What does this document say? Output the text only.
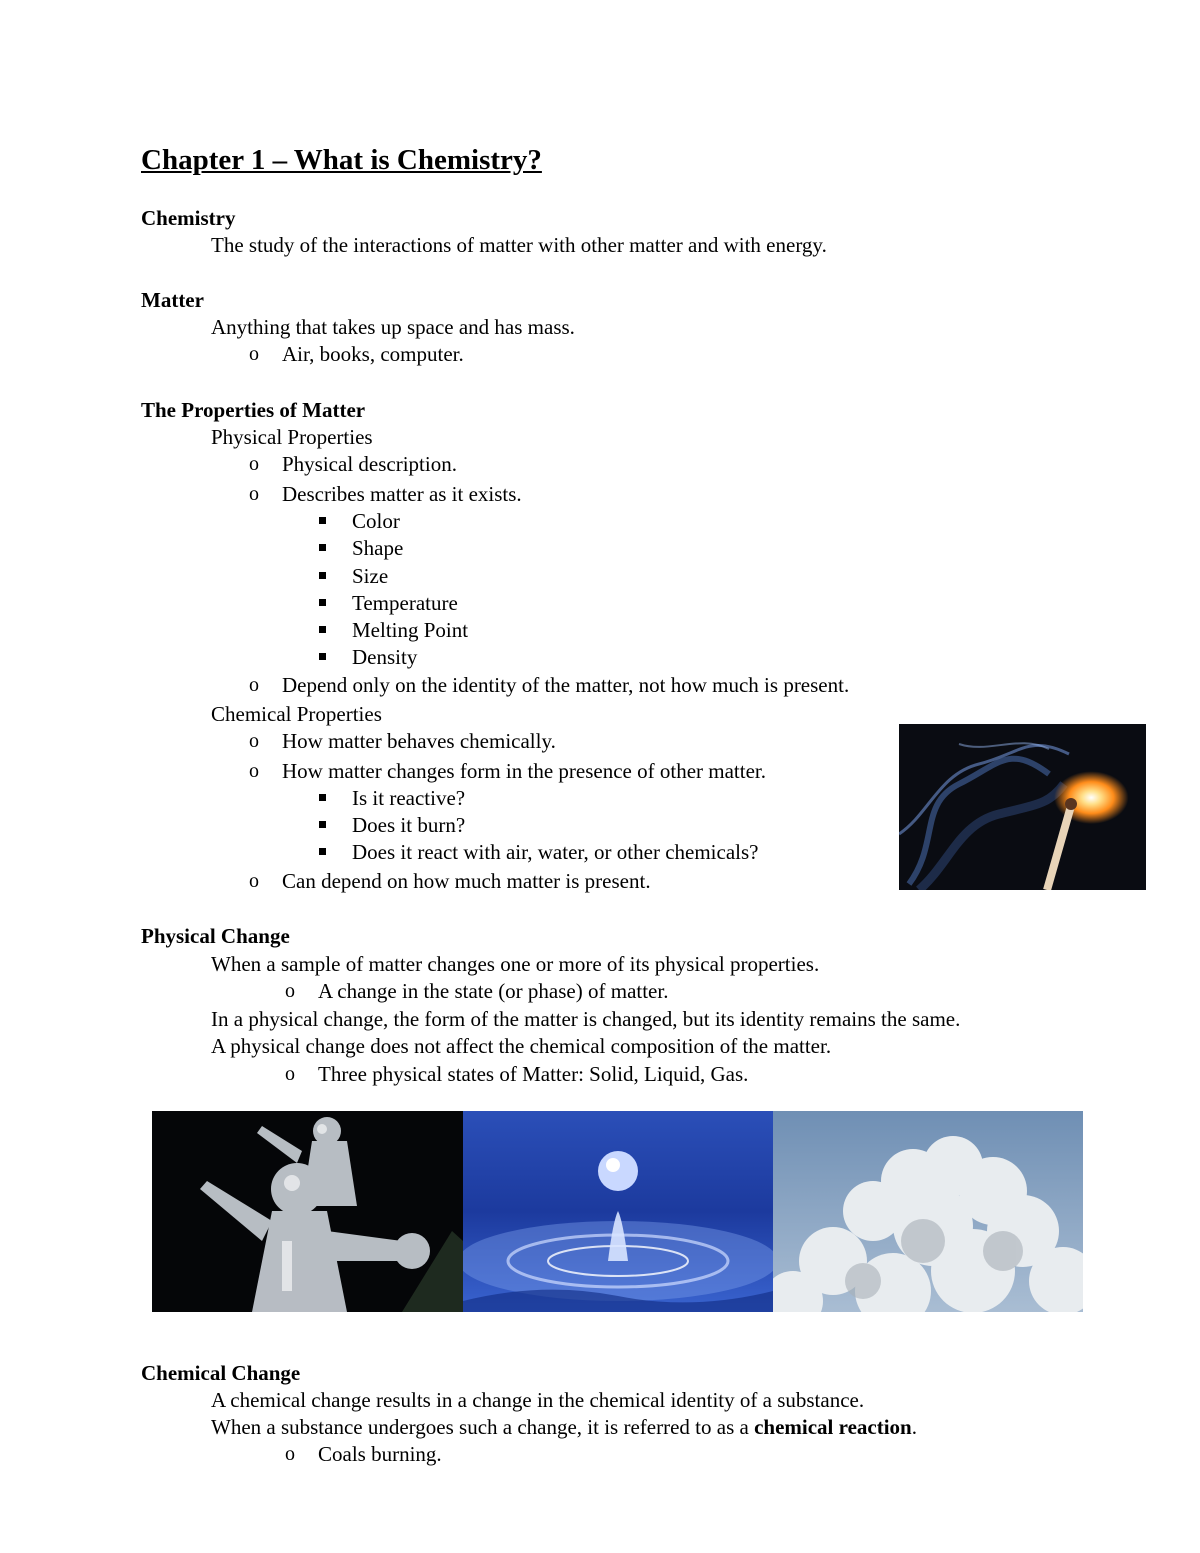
Chapter 1 – What is Chemistry?
Chemistry

The study of the interactions of matter with other matter and with energy.

Matter

Anything that takes up space and has mass.

o Air, books, computer.

The Properties of Matter

Physical Properties

o Physical description.

o Describes matter as it exists.

Color

Shape

Size

Temperature

Melting Point

Density

o Depend only on the identity of the matter, not how much is present.

Chemical Properties

o How matter behaves chemically.

o How matter changes form in the presence of other matter.

Is it reactive?

Does it burn?

Does it react with air, water, or other chemicals?

o Can depend on how much matter is present.

Physical Change

When a sample of matter changes one or more of its physical properties.

o A change in the state (or phase) of matter.

In a physical change, the form of the matter is changed, but its identity remains the same.

A physical change does not affect the chemical composition of the matter.

o Three physical states of Matter: Solid, Liquid, Gas.

Chemical Change

A chemical change results in a change in the chemical identity of a substance.

When a substance undergoes such a change, it is referred to as a chemical reaction.

o Coals burning.
